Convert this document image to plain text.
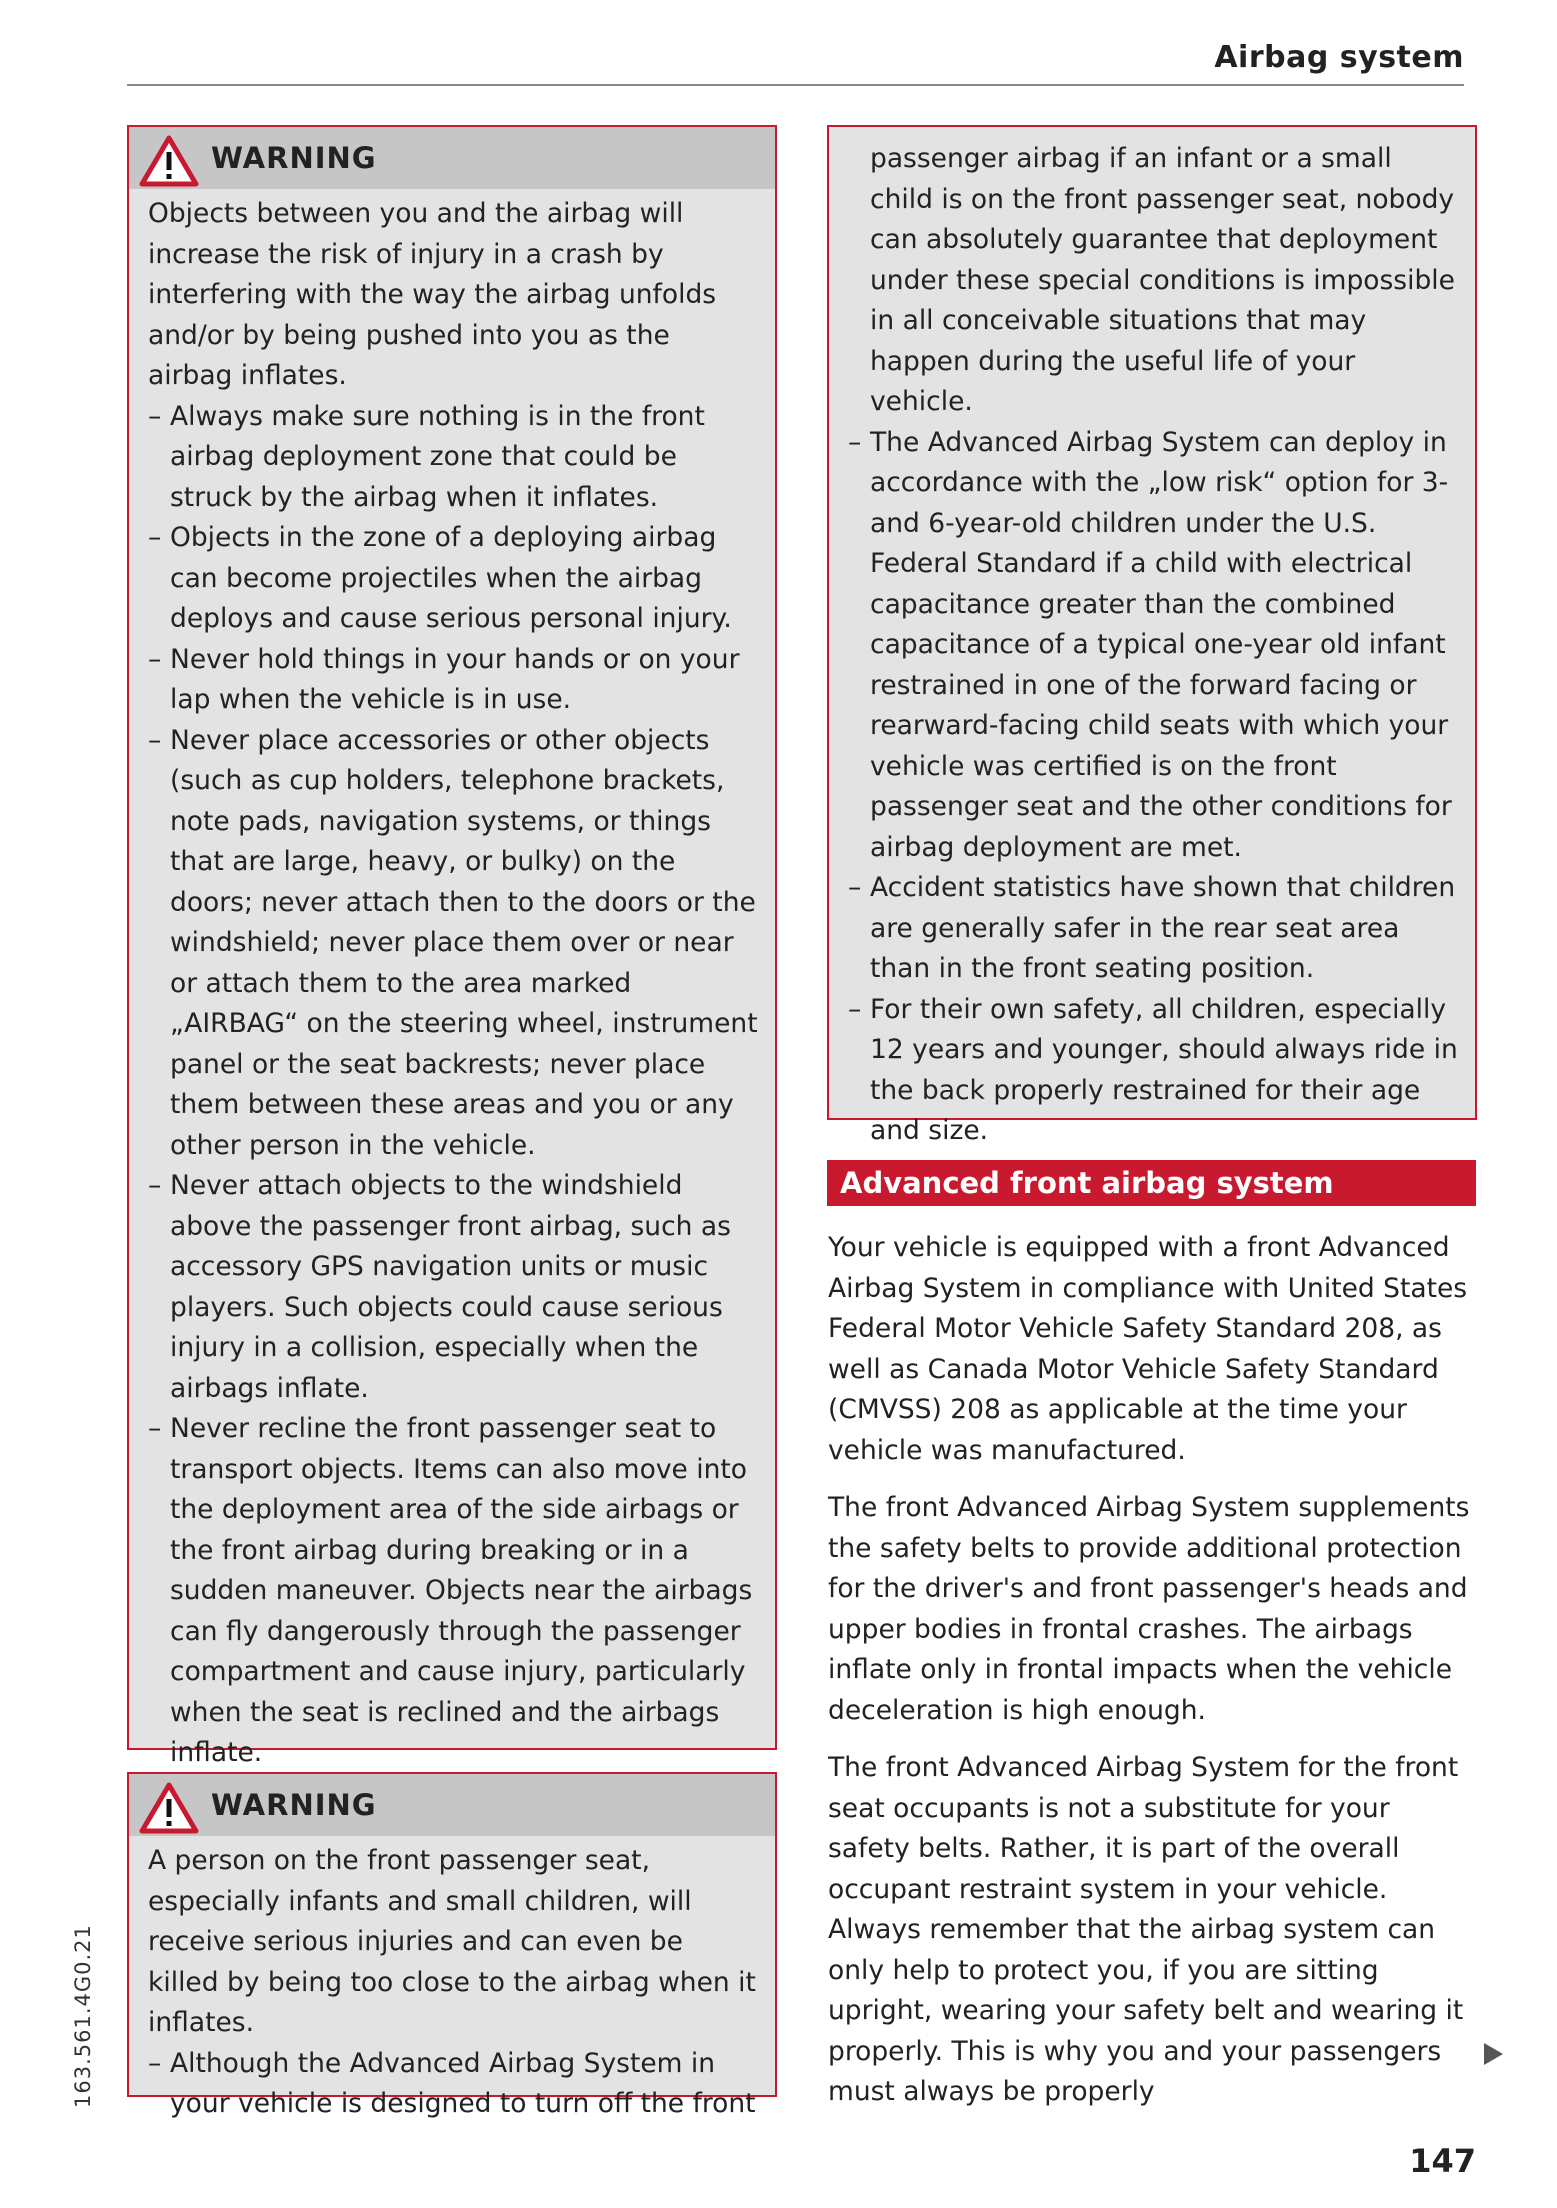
Airbag system
WARNING

Objects between you and the airbag will increase the risk of injury in a crash by interfering with the way the airbag unfolds and/or by being pushed into you as the airbag inflates.

– Always make sure nothing is in the front airbag deployment zone that could be struck by the airbag when it inflates.
– Objects in the zone of a deploying airbag can become projectiles when the airbag deploys and cause serious personal injury.
– Never hold things in your hands or on your lap when the vehicle is in use.
– Never place accessories or other objects (such as cup holders, telephone brackets, note pads, navigation systems, or things that are large, heavy, or bulky) on the doors; never attach then to the doors or the windshield; never place them over or near or attach them to the area marked „AIRBAG“ on the steering wheel, instrument panel or the seat backrests; never place them between these areas and you or any other person in the vehicle.
– Never attach objects to the windshield above the passenger front airbag, such as accessory GPS navigation units or music players. Such objects could cause serious injury in a collision, especially when the airbags inflate.
– Never recline the front passenger seat to transport objects. Items can also move into the deployment area of the side airbags or the front airbag during breaking or in a sudden maneuver. Objects near the airbags can fly dangerously through the passenger compartment and cause injury, particularly when the seat is reclined and the airbags inflate.
WARNING

A person on the front passenger seat, especially infants and small children, will receive serious injuries and can even be killed by being too close to the airbag when it inflates.

– Although the Advanced Airbag System in your vehicle is designed to turn off the front

passenger airbag if an infant or a small child is on the front passenger seat, nobody can absolutely guarantee that deployment under these special conditions is impossible in all conceivable situations that may happen during the useful life of your vehicle.

– The Advanced Airbag System can deploy in accordance with the „low risk“ option for 3- and 6-year-old children under the U.S. Federal Standard if a child with electrical capacitance greater than the combined capacitance of a typical one-year old infant restrained in one of the forward facing or rearward-facing child seats with which your vehicle was certified is on the front passenger seat and the other conditions for airbag deployment are met.
– Accident statistics have shown that children are generally safer in the rear seat area than in the front seating position.
– For their own safety, all children, especially 12 years and younger, should always ride in the back properly restrained for their age and size.
Advanced front airbag system

Your vehicle is equipped with a front Advanced Airbag System in compliance with United States Federal Motor Vehicle Safety Standard 208, as well as Canada Motor Vehicle Safety Standard (CMVSS) 208 as applicable at the time your vehicle was manufactured.

The front Advanced Airbag System supplements the safety belts to provide additional protection for the driver's and front passenger's heads and upper bodies in frontal crashes. The airbags inflate only in frontal impacts when the vehicle deceleration is high enough.

The front Advanced Airbag System for the front seat occupants is not a substitute for your safety belts. Rather, it is part of the overall occupant restraint system in your vehicle. Always remember that the airbag system can only help to protect you, if you are sitting upright, wearing your safety belt and wearing it properly. This is why you and your passengers must always be properly

147
163.561.4G0.21
